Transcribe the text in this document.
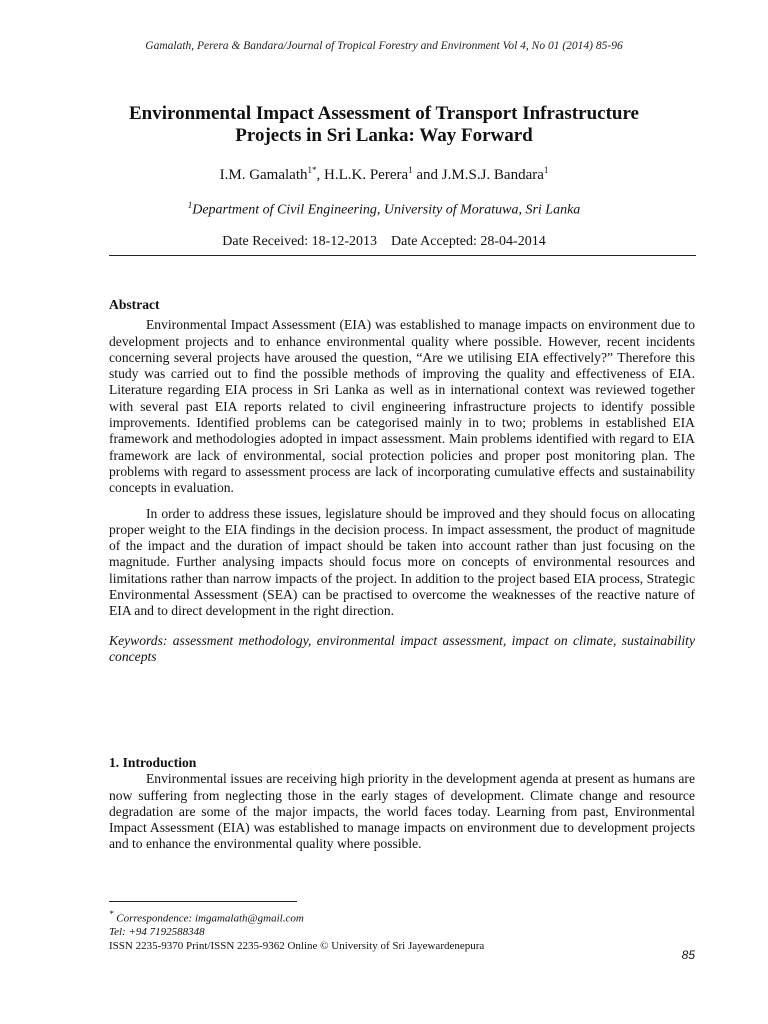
Gamalath, Perera & Bandara/Journal of Tropical Forestry and Environment Vol 4, No 01 (2014) 85-96
Environmental Impact Assessment of Transport Infrastructure
Projects in Sri Lanka: Way Forward
I.M. Gamalath$^{1*}$, H.L.K. Perera$^1$ and J.M.S.J. Bandara$^1$
$^1$Department of Civil Engineering, University of Moratuwa, Sri Lanka
Date Received: 18-12-2013    Date Accepted: 28-04-2014
Abstract

Environmental Impact Assessment (EIA) was established to manage impacts on environment due to development projects and to enhance environmental quality where possible. However, recent incidents concerning several projects have aroused the question, “Are we utilising EIA effectively?” Therefore this study was carried out to find the possible methods of improving the quality and effectiveness of EIA. Literature regarding EIA process in Sri Lanka as well as in international context was reviewed together with several past EIA reports related to civil engineering infrastructure projects to identify possible improvements. Identified problems can be categorised mainly in to two; problems in established EIA framework and methodologies adopted in impact assessment. Main problems identified with regard to EIA framework are lack of environmental, social protection policies and proper post monitoring plan. The problems with regard to assessment process are lack of incorporating cumulative effects and sustainability concepts in evaluation.

In order to address these issues, legislature should be improved and they should focus on allocating proper weight to the EIA findings in the decision process. In impact assessment, the product of magnitude of the impact and the duration of impact should be taken into account rather than just focusing on the magnitude. Further analysing impacts should focus more on concepts of environmental resources and limitations rather than narrow impacts of the project. In addition to the project based EIA process, Strategic Environmental Assessment (SEA) can be practised to overcome the weaknesses of the reactive nature of EIA and to direct development in the right direction.

Keywords: assessment methodology, environmental impact assessment, impact on climate, sustainability concepts

1. Introduction

Environmental issues are receiving high priority in the development agenda at present as humans are now suffering from neglecting those in the early stages of development. Climate change and resource degradation are some of the major impacts, the world faces today. Learning from past, Environmental Impact Assessment (EIA) was established to manage impacts on environment due to development projects and to enhance the environmental quality where possible.

* Correspondence: imgamalath@gmail.com
Tel: +94 7192588348
ISSN 2235-9370 Print/ISSN 2235-9362 Online © University of Sri Jayewardenepura
85
